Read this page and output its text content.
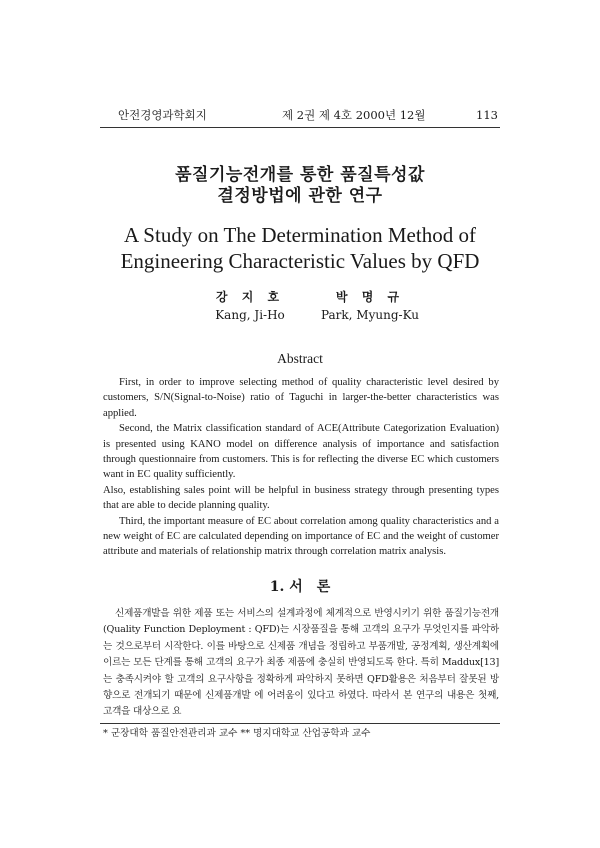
안전경영과학회지	제 2권 제 4호 2000년 12월	113
품질기능전개를 통한 품질특성값
결정방법에 관한 연구
A Study on The Determination Method of
Engineering Characteristic Values by QFD
강 지 호
Kang, Ji-Ho
박 명 규
Park, Myung-Ku
Abstract

First, in order to improve selecting method of quality characteristic level desired by customers, S/N(Signal-to-Noise) ratio of Taguchi in larger-the-better characteristics was applied.

Second, the Matrix classification standard of ACE(Attribute Categorization Evaluation) is presented using KANO model on difference analysis of importance and satisfaction through questionnaire from customers. This is for reflecting the diverse EC which customers want in EC quality sufficiently.

Also, establishing sales point will be helpful in business strategy through presenting types that are able to decide planning quality.

Third, the important measure of EC about correlation among quality characteristics and a new weight of EC are calculated depending on importance of EC and the weight of customer attribute and materials of relationship matrix through correlation matrix analysis.

1. 서　론

신제품개발을 위한 제품 또는 서비스의 설계과정에 체계적으로 반영시키기 위한 품질기능전개(Quality Function Deployment : QFD)는 시장품질을 통해 고객의 요구가 무엇인지를 파악하는 것으로부터 시작한다. 이를 바탕으로 신제품 개념을 정립하고 부품개발, 공정계획, 생산계획에 이르는 모든 단계를 통해 고객의 요구가 최종 제품에 충실히 반영되도록 한다. 특히 Maddux[13]는 충족시켜야 할 고객의 요구사항을 정확하게 파악하지 못하면 QFD활용은 처음부터 잘못된 방향으로 전개되기 때문에 신제품개발 에 어려움이 있다고 하였다. 따라서 본 연구의 내용은 첫째, 고객을 대상으로 요

* 군장대학 품질안전관리과 교수 ** 명지대학교 산업공학과 교수
